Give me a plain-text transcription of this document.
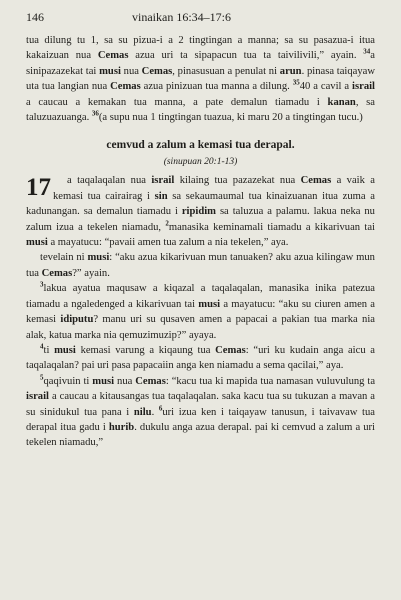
146	vinaikan 16:34–17:6

tua dilung tu 1, sa su pizua-i a 2 tingtingan a manna; sa su pasazua-i itua kakaizuan nua Cemas azua uri ta sipapacun tua ta taivilivili,” ayain. $^{34}$a sinipazazekat tai musi nua Cemas, pinasusuan a penulat ni arun. pinasa taiqayaw uta tua langian nua Cemas azua pinizuan tua manna a dilung. $^{35}$40 a cavil a israil a caucau a kemakan tua manna, a pate demalun tiamadu i kanan, sa taluzuazuanga. $^{36}$(a supu nua 1 tingtingan tuazua, ki maru 20 a tingtingan tucu.)

cemvud a zalum a kemasi tua derapal.
(sinupuan 20:1-13)
17	a taqalaqalan nua israil kilaing tua pazazekat nua Cemas a vaik a kemasi tua cairairag i sin sa sekaumaumal tua kinaizuanan itua zuma a kadunangan. sa demalun tiamadu i ripidim sa taluzua a palamu. lakua neka nu zalum izua a tekelen niamadu, $^2$manasika keminamali tiamadu a kikarivuan tai musi a mayatucu: “pavaii amen tua zalum a nia tekelen,” aya.

tevelain ni musi: “aku azua kikarivuan mun tanuaken? aku azua kilingaw mun tua Cemas?” ayain.

$^3$lakua ayatua maqusaw a kiqazal a taqalaqalan, manasika inika patezua tiamadu a ngaledenged a kikarivuan tai musi a mayatucu: “aku su ciuren amen a kemasi idiputu? manu uri su qusaven amen a papacai a pakian tua marka nia alak, katua marka nia qemuzimuzip?” ayaya.

$^4$ti musi kemasi varung a kiqaung tua Cemas: “uri ku kudain anga aicu a taqalaqalan? pai uri pasa papacaiin anga ken niamadu a sema qacilai,” aya.

$^5$qaqivuin ti musi nua Cemas: “kacu tua ki mapida tua namasan vuluvulung ta israil a caucau a kitausangas tua taqalaqalan. saka kacu tua su tukuzan a mavan a su sinidukul tua pana i nilu. $^6$uri izua ken i taiqayaw tanusun, i taivavaw tua derapal itua gadu i hurib. dukulu anga azua derapal. pai ki cemvud a zalum a uri tekelen niamadu,”
